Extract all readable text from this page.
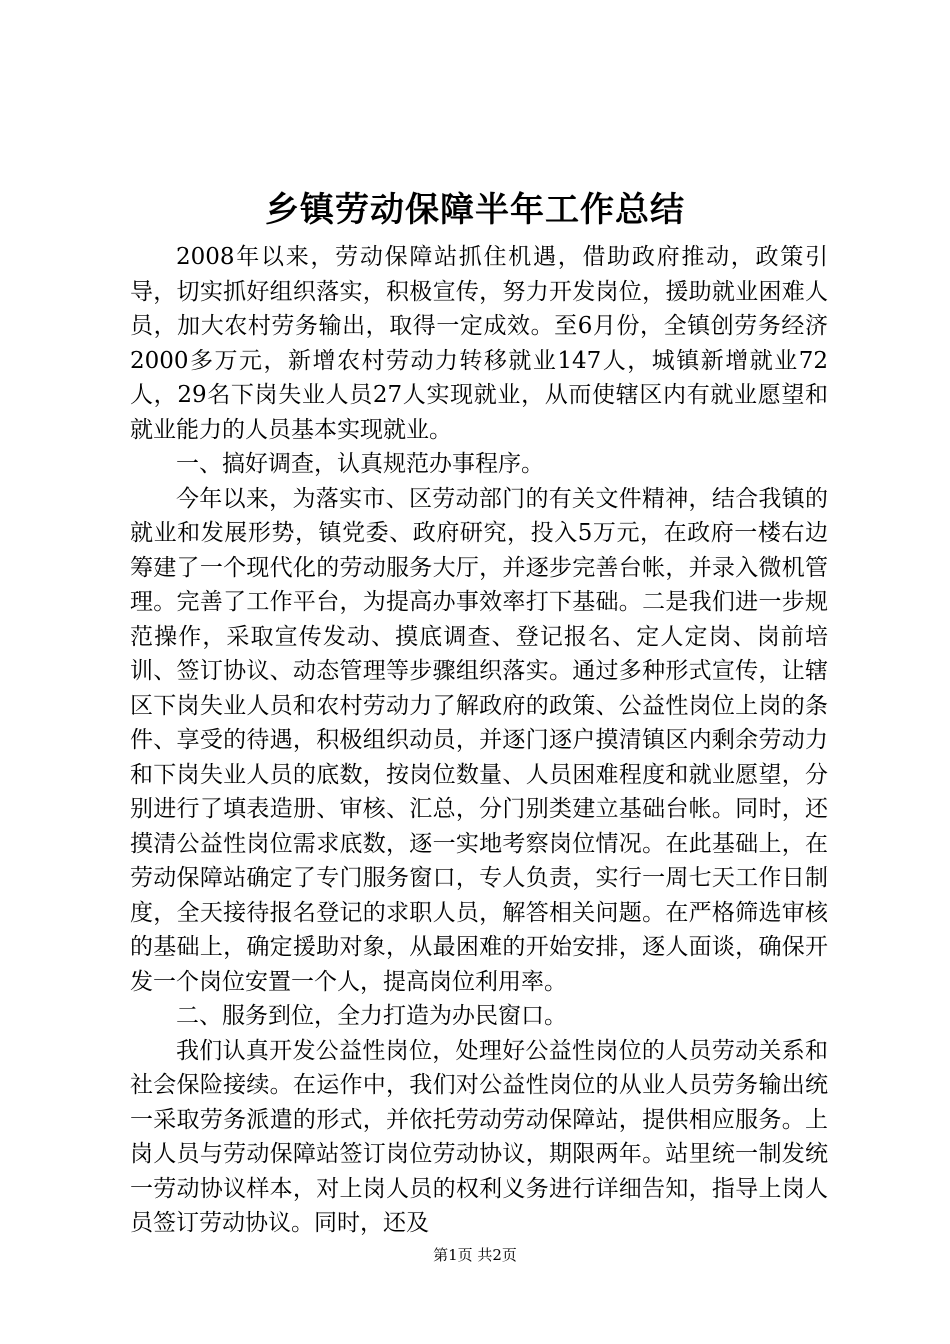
乡镇劳动保障半年工作总结

2008年以来，劳动保障站抓住机遇，借助政府推动，政策引导，切实抓好组织落实，积极宣传，努力开发岗位，援助就业困难人员，加大农村劳务输出，取得一定成效。至6月份，全镇创劳务经济2000多万元，新增农村劳动力转移就业147人，城镇新增就业72人，29名下岗失业人员27人实现就业，从而使辖区内有就业愿望和就业能力的人员基本实现就业。

一、搞好调查，认真规范办事程序。

今年以来，为落实市、区劳动部门的有关文件精神，结合我镇的就业和发展形势，镇党委、政府研究，投入5万元，在政府一楼右边筹建了一个现代化的劳动服务大厅，并逐步完善台帐，并录入微机管理。完善了工作平台，为提高办事效率打下基础。二是我们进一步规范操作，采取宣传发动、摸底调查、登记报名、定人定岗、岗前培训、签订协议、动态管理等步骤组织落实。通过多种形式宣传，让辖区下岗失业人员和农村劳动力了解政府的政策、公益性岗位上岗的条件、享受的待遇，积极组织动员，并逐门逐户摸清镇区内剩余劳动力和下岗失业人员的底数，按岗位数量、人员困难程度和就业愿望，分别进行了填表造册、审核、汇总，分门别类建立基础台帐。同时，还摸清公益性岗位需求底数，逐一实地考察岗位情况。在此基础上，在劳动保障站确定了专门服务窗口，专人负责，实行一周七天工作日制度，全天接待报名登记的求职人员，解答相关问题。在严格筛选审核的基础上，确定援助对象，从最困难的开始安排，逐人面谈，确保开发一个岗位安置一个人，提高岗位利用率。

二、服务到位，全力打造为办民窗口。

我们认真开发公益性岗位，处理好公益性岗位的人员劳动关系和社会保险接续。在运作中，我们对公益性岗位的从业人员劳务输出统一采取劳务派遣的形式，并依托劳动劳动保障站，提供相应服务。上岗人员与劳动保障站签订岗位劳动协议，期限两年。站里统一制发统一劳动协议样本，对上岗人员的权利义务进行详细告知，指导上岗人员签订劳动协议。同时，还及

第1页 共2页
